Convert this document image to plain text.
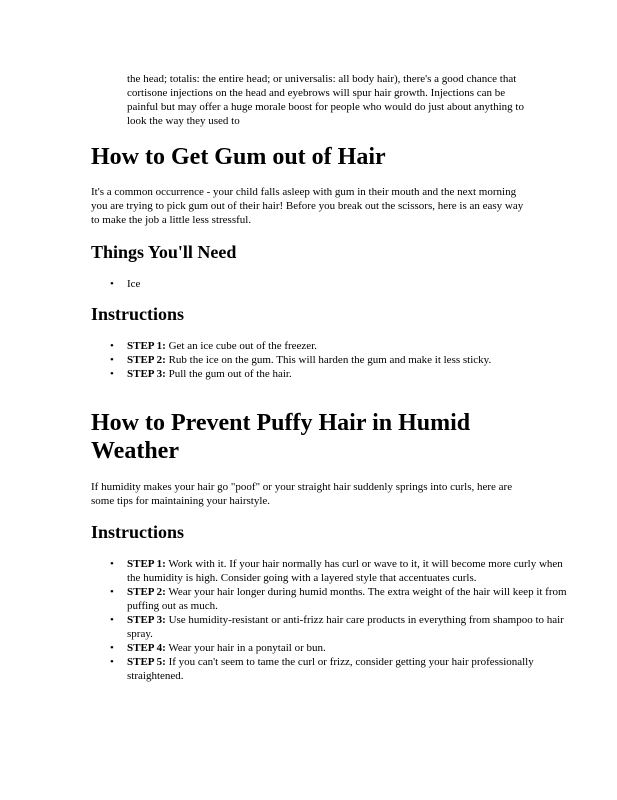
the head; totalis: the entire head; or universalis: all body hair), there's a good chance that cortisone injections on the head and eyebrows will spur hair growth. Injections can be painful but may offer a huge morale boost for people who would do just about anything to look the way they used to

How to Get Gum out of Hair

It's a common occurrence - your child falls asleep with gum in their mouth and the next morning you are trying to pick gum out of their hair! Before you break out the scissors, here is an easy way to make the job a little less stressful.

Things You'll Need
• Ice
Instructions
• STEP 1: Get an ice cube out of the freezer.
• STEP 2: Rub the ice on the gum. This will harden the gum and make it less sticky.
• STEP 3: Pull the gum out of the hair.
How to Prevent Puffy Hair in Humid Weather

If humidity makes your hair go "poof" or your straight hair suddenly springs into curls, here are some tips for maintaining your hairstyle.

Instructions
• STEP 1: Work with it. If your hair normally has curl or wave to it, it will become more curly when the humidity is high. Consider going with a layered style that accentuates curls.
• STEP 2: Wear your hair longer during humid months. The extra weight of the hair will keep it from puffing out as much.
• STEP 3: Use humidity-resistant or anti-frizz hair care products in everything from shampoo to hair spray.
• STEP 4: Wear your hair in a ponytail or bun.
• STEP 5: If you can't seem to tame the curl or frizz, consider getting your hair professionally straightened.
